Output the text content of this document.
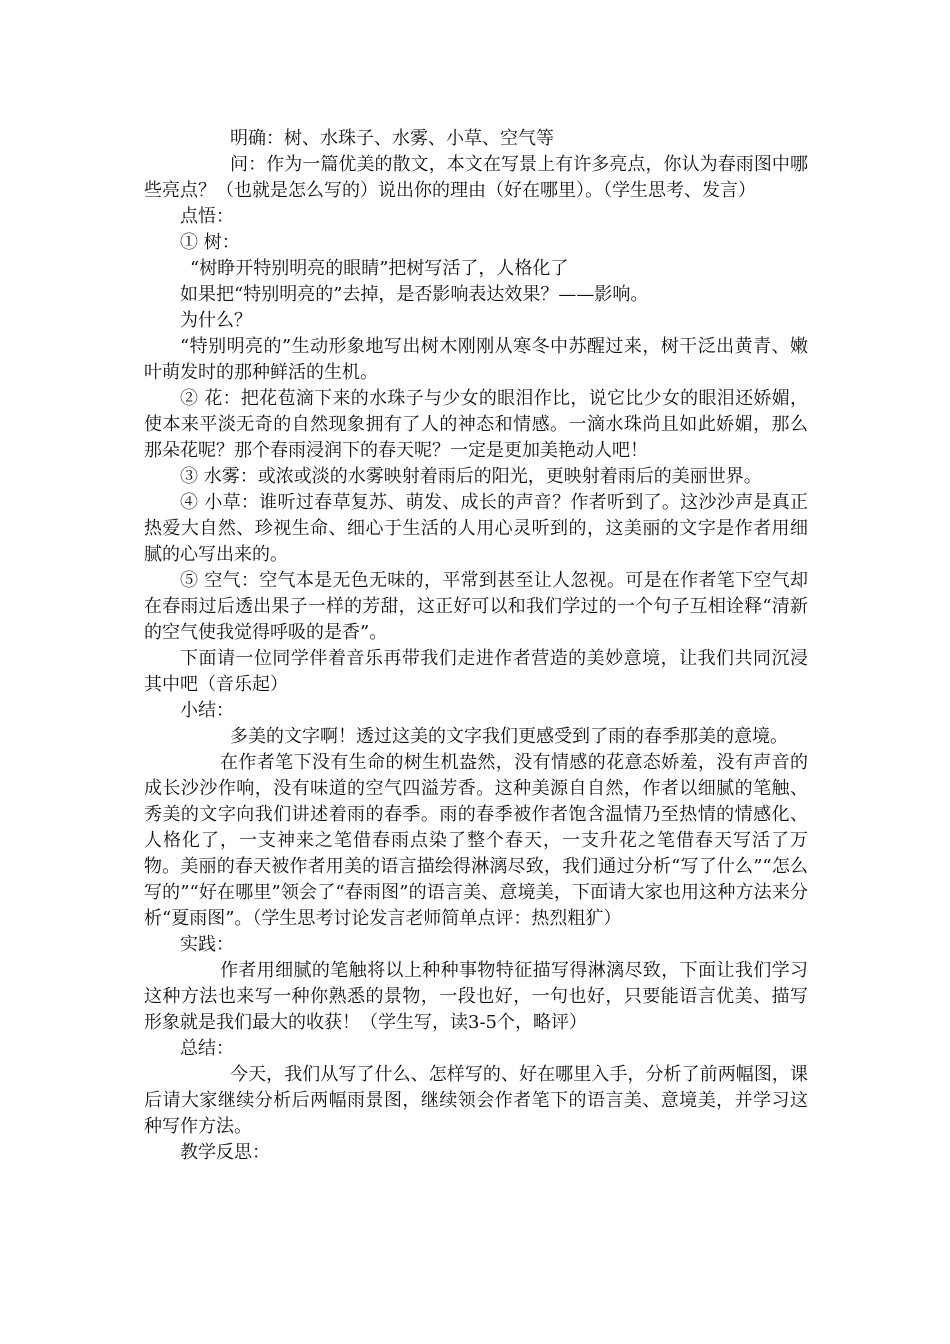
明确：树、水珠子、水雾、小草、空气等

问：作为一篇优美的散文，本文在写景上有许多亮点，你认为春雨图中哪些亮点？（也就是怎么写的）说出你的理由（好在哪里）。（学生思考、发言）

点悟：

① 树：

“树睁开特别明亮的眼睛”把树写活了，人格化了

如果把“特别明亮的”去掉，是否影响表达效果？——影响。

为什么？

“特别明亮的”生动形象地写出树木刚刚从寒冬中苏醒过来，树干泛出黄青、嫩叶萌发时的那种鲜活的生机。

② 花：把花苞滴下来的水珠子与少女的眼泪作比，说它比少女的眼泪还娇媚，使本来平淡无奇的自然现象拥有了人的神态和情感。一滴水珠尚且如此娇媚，那么那朵花呢？那个春雨浸润下的春天呢？一定是更加美艳动人吧！

③ 水雾：或浓或淡的水雾映射着雨后的阳光，更映射着雨后的美丽世界。

④ 小草：谁听过春草复苏、萌发、成长的声音？作者听到了。这沙沙声是真正热爱大自然、珍视生命、细心于生活的人用心灵听到的，这美丽的文字是作者用细腻的心写出来的。

⑤ 空气：空气本是无色无味的，平常到甚至让人忽视。可是在作者笔下空气却在春雨过后透出果子一样的芳甜，这正好可以和我们学过的一个句子互相诠释“清新的空气使我觉得呼吸的是香”。

下面请一位同学伴着音乐再带我们走进作者营造的美妙意境，让我们共同沉浸其中吧（音乐起）

小结：

多美的文字啊！透过这美的文字我们更感受到了雨的春季那美的意境。

在作者笔下没有生命的树生机盎然，没有情感的花意态娇羞，没有声音的成长沙沙作响，没有味道的空气四溢芳香。这种美源自自然，作者以细腻的笔触、秀美的文字向我们讲述着雨的春季。雨的春季被作者饱含温情乃至热情的情感化、人格化了，一支神来之笔借春雨点染了整个春天，一支升花之笔借春天写活了万物。美丽的春天被作者用美的语言描绘得淋漓尽致，我们通过分析“写了什么”“怎么写的”“好在哪里”领会了“春雨图”的语言美、意境美，下面请大家也用这种方法来分析“夏雨图”。（学生思考讨论发言老师简单点评：热烈粗犷）

实践：

作者用细腻的笔触将以上种种事物特征描写得淋漓尽致，下面让我们学习这种方法也来写一种你熟悉的景物，一段也好，一句也好，只要能语言优美、描写形象就是我们最大的收获！（学生写，读3-5个，略评）

总结：

今天，我们从写了什么、怎样写的、好在哪里入手，分析了前两幅图，课后请大家继续分析后两幅雨景图，继续领会作者笔下的语言美、意境美，并学习这种写作方法。

教学反思：
